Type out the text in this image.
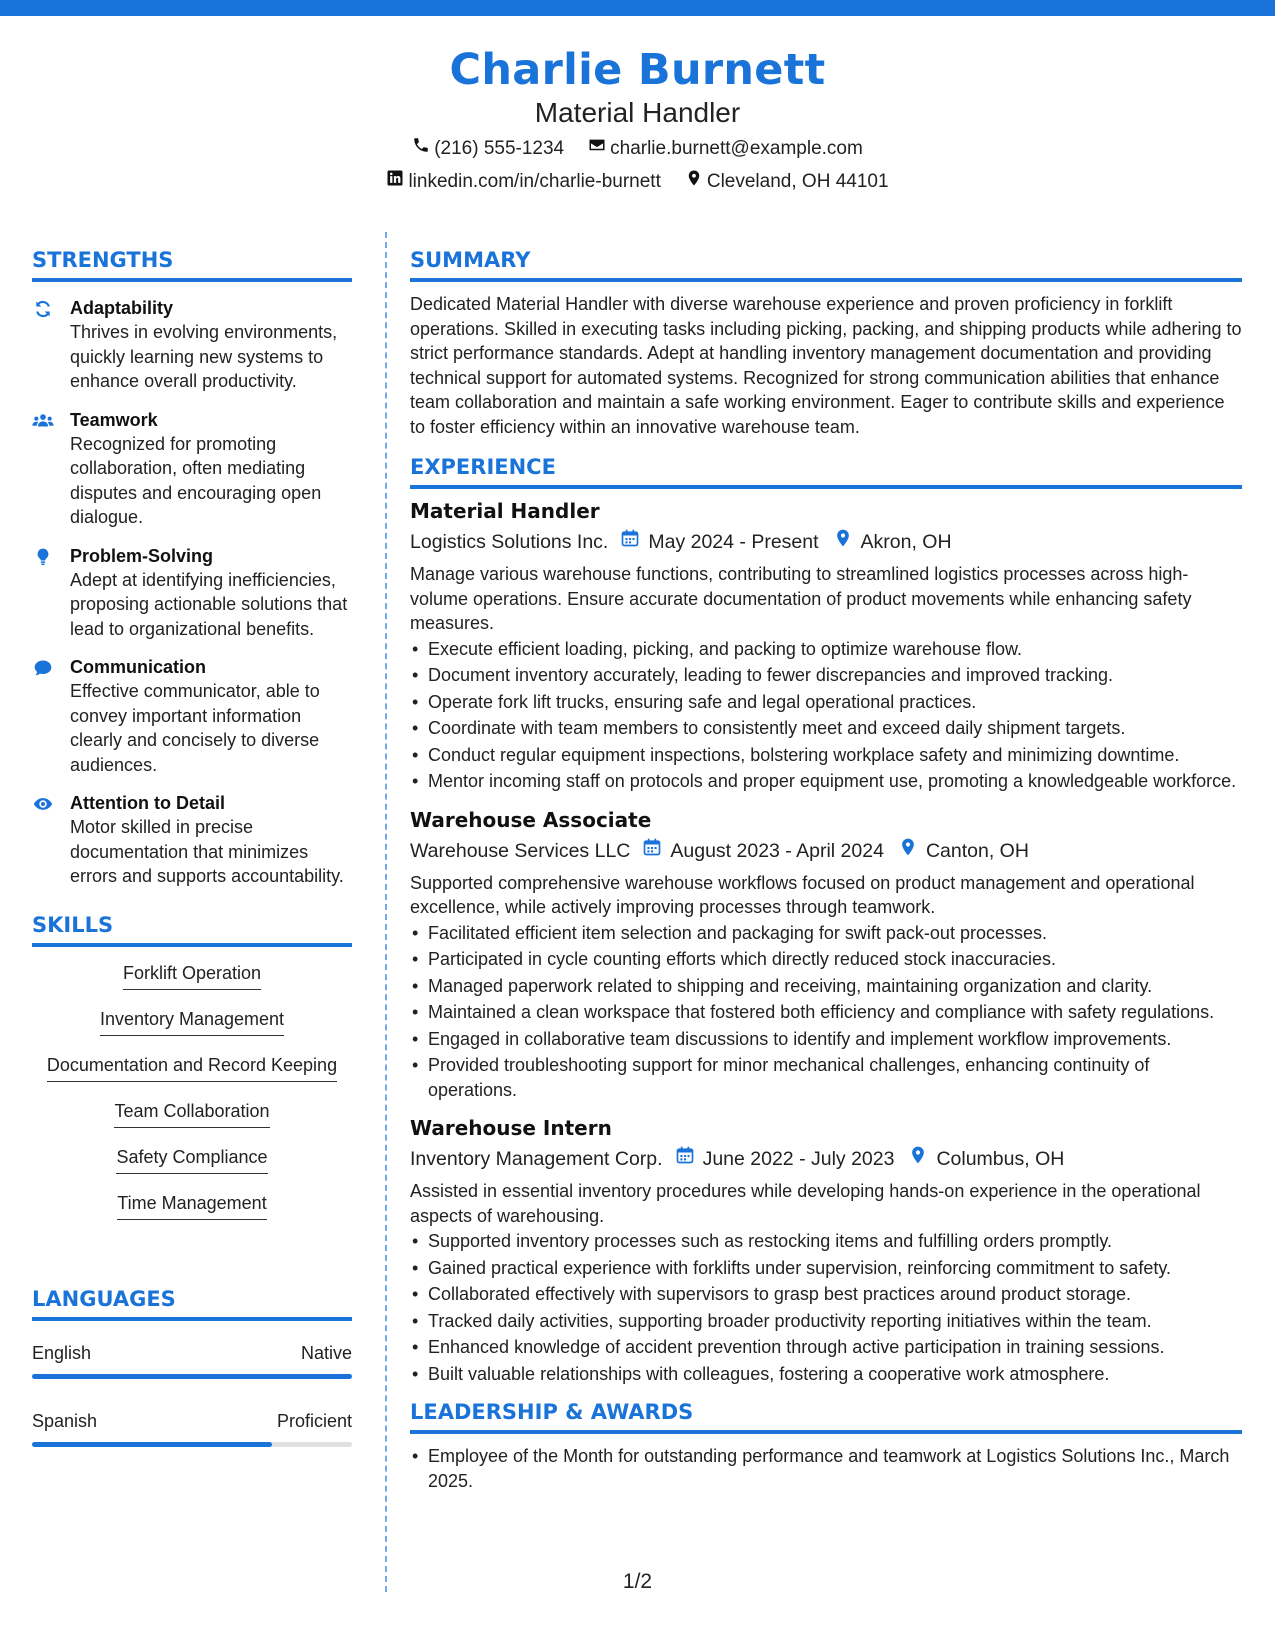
Charlie Burnett
Material Handler
(216) 555-1234 charlie.burnett@example.com
linkedin.com/in/charlie-burnett Cleveland, OH 44101
STRENGTHS
Adaptability
Thrives in evolving environments, quickly learning new systems to enhance overall productivity.
Teamwork
Recognized for promoting collaboration, often mediating disputes and encouraging open dialogue.
Problem-Solving
Adept at identifying inefficiencies, proposing actionable solutions that lead to organizational benefits.
Communication
Effective communicator, able to convey important information clearly and concisely to diverse audiences.
Attention to Detail
Motor skilled in precise documentation that minimizes errors and supports accountability.
SKILLS
Forklift Operation
Inventory Management
Documentation and Record Keeping
Team Collaboration
Safety Compliance
Time Management
LANGUAGES
English	Native
Spanish	Proficient
SUMMARY
Dedicated Material Handler with diverse warehouse experience and proven proficiency in forklift operations. Skilled in executing tasks including picking, packing, and shipping products while adhering to strict performance standards. Adept at handling inventory management documentation and providing technical support for automated systems. Recognized for strong communication abilities that enhance team collaboration and maintain a safe working environment. Eager to contribute skills and experience to foster efficiency within an innovative warehouse team.
EXPERIENCE
Material Handler
Logistics Solutions Inc. May 2024 - Present Akron, OH
Manage various warehouse functions, contributing to streamlined logistics processes across high-volume operations. Ensure accurate documentation of product movements while enhancing safety measures.
• Execute efficient loading, picking, and packing to optimize warehouse flow.
• Document inventory accurately, leading to fewer discrepancies and improved tracking.
• Operate fork lift trucks, ensuring safe and legal operational practices.
• Coordinate with team members to consistently meet and exceed daily shipment targets.
• Conduct regular equipment inspections, bolstering workplace safety and minimizing downtime.
• Mentor incoming staff on protocols and proper equipment use, promoting a knowledgeable workforce.
Warehouse Associate
Warehouse Services LLC August 2023 - April 2024 Canton, OH
Supported comprehensive warehouse workflows focused on product management and operational excellence, while actively improving processes through teamwork.
• Facilitated efficient item selection and packaging for swift pack-out processes.
• Participated in cycle counting efforts which directly reduced stock inaccuracies.
• Managed paperwork related to shipping and receiving, maintaining organization and clarity.
• Maintained a clean workspace that fostered both efficiency and compliance with safety regulations.
• Engaged in collaborative team discussions to identify and implement workflow improvements.
• Provided troubleshooting support for minor mechanical challenges, enhancing continuity of operations.
Warehouse Intern
Inventory Management Corp. June 2022 - July 2023 Columbus, OH
Assisted in essential inventory procedures while developing hands-on experience in the operational aspects of warehousing.
• Supported inventory processes such as restocking items and fulfilling orders promptly.
• Gained practical experience with forklifts under supervision, reinforcing commitment to safety.
• Collaborated effectively with supervisors to grasp best practices around product storage.
• Tracked daily activities, supporting broader productivity reporting initiatives within the team.
• Enhanced knowledge of accident prevention through active participation in training sessions.
• Built valuable relationships with colleagues, fostering a cooperative work atmosphere.
LEADERSHIP & AWARDS
• Employee of the Month for outstanding performance and teamwork at Logistics Solutions Inc., March 2025.
1/2
